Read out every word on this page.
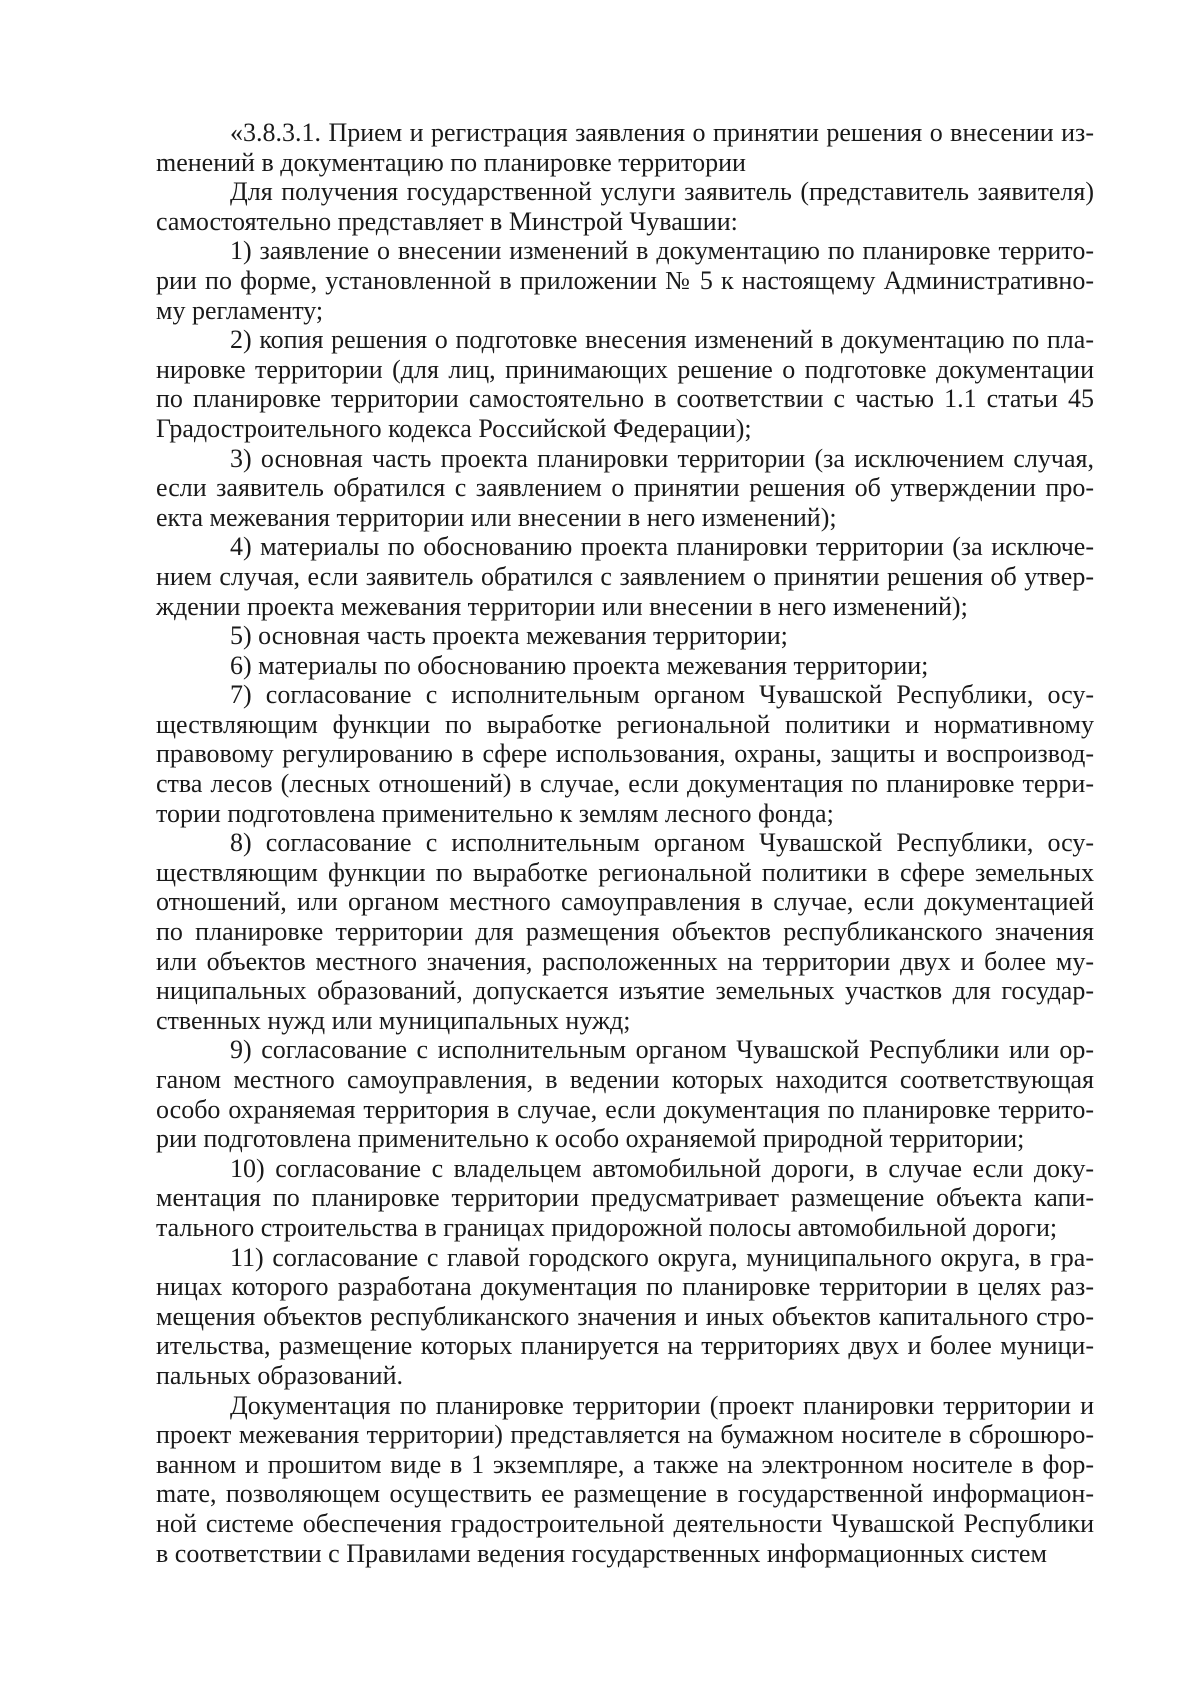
«3.8.3.1. Прием и регистрация заявления о принятии решения о внесении изmенений в документацию по планировке территории

Для получения государственной услуги заявитель (представитель заявителя) самостоятельно представляет в Минстрой Чувашии:

1) заявление о внесении изменений в документацию по планировке территории по форме, установленной в приложении № 5 к настоящему Административному регламенту;

2) копия решения о подготовке внесения изменений в документацию по планировке территории (для лиц, принимающих решение о подготовке документации по планировке территории самостоятельно в соответствии с частью 1.1 статьи 45 Градостроительного кодекса Российской Федерации);

3) основная часть проекта планировки территории (за исключением случая, если заявитель обратился с заявлением о принятии решения об утверждении проекта межевания территории или внесении в него изменений);

4) материалы по обоснованию проекта планировки территории (за исключением случая, если заявитель обратился с заявлением о принятии решения об утверждении проекта межевания территории или внесении в него изменений);

5) основная часть проекта межевания территории;

6) материалы по обоснованию проекта межевания территории;

7) согласование с исполнительным органом Чувашской Республики, осуществляющим функции по выработке региональной политики и нормативному правовому регулированию в сфере использования, охраны, защиты и воспроизводства лесов (лесных отношений) в случае, если документация по планировке территории подготовлена применительно к землям лесного фонда;

8) согласование с исполнительным органом Чувашской Республики, осуществляющим функции по выработке региональной политики в сфере земельных отношений, или органом местного самоуправления в случае, если документацией по планировке территории для размещения объектов республиканского значения или объектов местного значения, расположенных на территории двух и более муниципальных образований, допускается изъятие земельных участков для государственных нужд или муниципальных нужд;

9) согласование с исполнительным органом Чувашской Республики или органом местного самоуправления, в ведении которых находится соответствующая особо охраняемая территория в случае, если документация по планировке территории подготовлена применительно к особо охраняемой природной территории;

10) согласование с владельцем автомобильной дороги, в случае если документация по планировке территории предусматривает размещение объекта капитального строительства в границах придорожной полосы автомобильной дороги;

11) согласование с главой городского округа, муниципального округа, в границах которого разработана документация по планировке территории в целях размещения объектов республиканского значения и иных объектов капитального строительства, размещение которых планируется на территориях двух и более муниципальных образований.

Документация по планировке территории (проект планировки территории и проект межевания территории) представляется на бумажном носителе в сброшюрованном и прошитом виде в 1 экземпляре, а также на электронном носителе в форmате, позволяющем осуществить ее размещение в государственной информационной системе обеспечения градостроительной деятельности Чувашской Республики в соответствии с Правилами ведения государственных информационных систем
